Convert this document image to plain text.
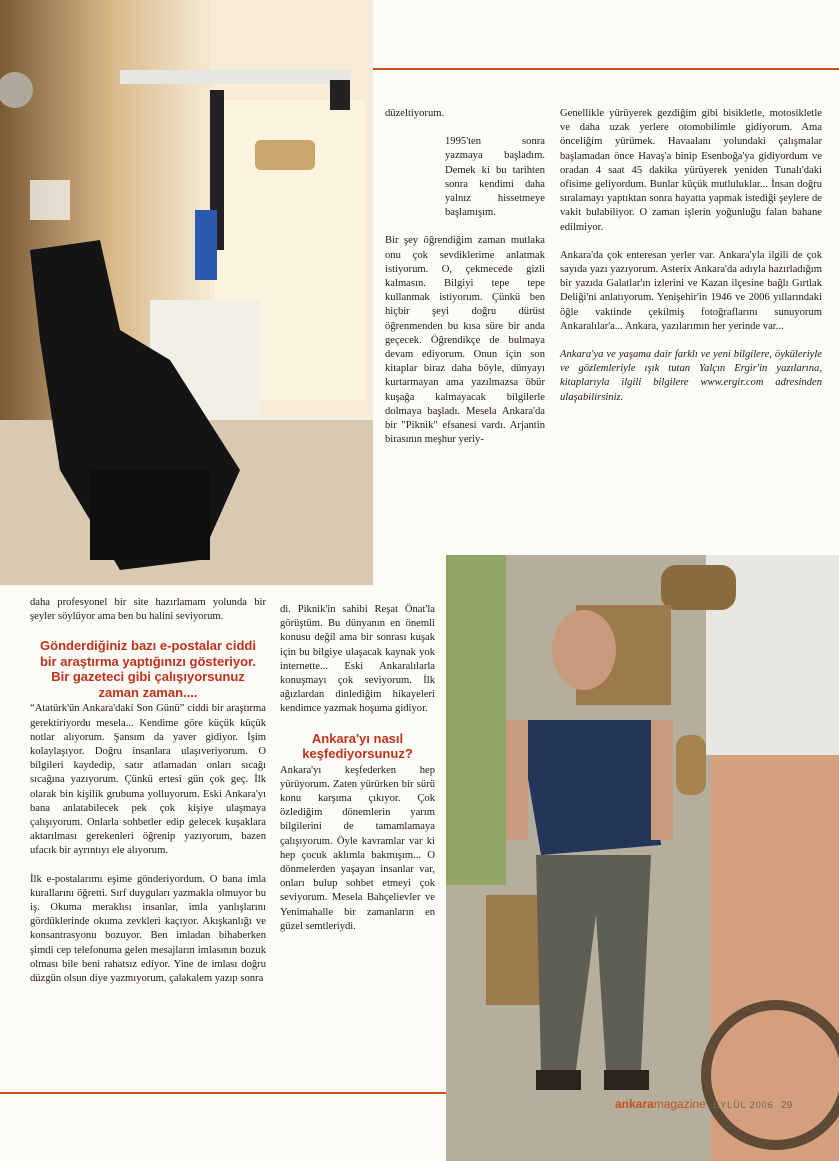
düzeltiyorum.

1995'ten sonra yazmaya başladım. Demek ki bu tarihten sonra kendimi daha yalnız hissetmeye başlamışım.

Bir şey öğrendiğim zaman mutlaka onu çok sevdiklerime anlatmak istiyorum. O, çekmecede gizli kalmasın. Bilgiyi tepe tepe kullanmak istiyorum. Çünkü ben hiçbir şeyi doğru dürüst öğrenmenden bu kısa süre bir anda geçecek. Öğrendikçe de bulmaya devam ediyorum. Onun için son kitaplar biraz daha böyle, dünyayı kurtarmayan ama yazılmazsa öbür kuşağa kalmayacak bilgilerle dolmaya başladı. Mesela Ankara'da bir "Piknik" efsanesi vardı. Arjantin birasının meşhur yeriy-

Genellikle yürüyerek gezdiğim gibi bisikletle, motosikletle ve daha uzak yerlere otomobilimle gidiyorum. Ama önceliğim yürümek. Havaalanı yolundaki çalışmalar başlamadan önce Havaş'a binip Esenboğa'ya gidiyordum ve oradan 4 saat 45 dakika yürüyerek yeniden Tunalı'daki ofisime geliyordum. Bunlar küçük mutluluklar... İnsan doğru sıralamayı yaptıktan sonra hayatta yapmak istediği şeylere de vakit bulabiliyor. O zaman işlerin yoğunluğu falan bahane edilmiyor.

Ankara'da çok enteresan yerler var. Ankara'yla ilgili de çok sayıda yazı yazıyorum. Asterix Ankara'da adıyla hazırladığım bir yazıda Galatlar'ın izlerini ve Kazan ilçesine bağlı Gırtlak Deliği'ni anlatıyorum. Yenişehir'in 1946 ve 2006 yıllarındaki öğle vaktinde çekilmiş fotoğraflarını sunuyorum Ankaralılar'a... Ankara, yazılarımın her yerinde var...

Ankara'ya ve yaşama dair farklı ve yeni bilgilere, öyküleriyle ve gözlemleriyle ışık tutan Yalçın Ergir'in yazılarına, kitaplarıyla ilgili bilgilere www.ergir.com adresinden ulaşabilirsiniz.

daha profesyonel bir site hazırlamam yolunda bir şeyler söylüyor ama ben bu halini seviyorum.

Gönderdiğiniz bazı e-postalar ciddi bir araştırma yaptığınızı gösteriyor. Bir gazeteci gibi çalışıyorsunuz zaman zaman....

“Atatürk'ün Ankara'daki Son Günü” ciddi bir araştırma gerektiriyordu mesela... Kendime göre küçük küçük notlar alıyorum. Şansım da yaver gidiyor. İşim kolaylaşıyor. Doğru insanlara ulaşıveriyorum. O bilgileri kaydedip, satır atlamadan onları sıcağı sıcağına yazıyorum. Çünkü ertesi gün çok geç. İlk olarak bin kişilik grubuma yolluyorum. Eski Ankara'yı bana anlatabilecek pek çok kişiye ulaşmaya çalışıyorum. Onlarla sohbetler edip gelecek kuşaklara aktarılması gerekenleri öğrenip yazıyorum, bazen ufacık bir ayrıntıyı ele alıyorum.

İlk e-postalarımı eşime gönderiyordum. O bana imla kurallarını öğretti. Sırf duyguları yazmakla olmuyor bu iş. Okuma meraklısı insanlar, imla yanlışlarını gördüklerinde okuma zevkleri kaçıyor. Akışkanlığı ve konsantrasyonu bozuyor. Ben imladan bihaberken şimdi cep telefonuma gelen mesajların imlasının bozuk olması bile beni rahatsız ediyor. Yine de imlası doğru düzgün olsun diye yazmıyorum, çalakalem yazıp sonra

di. Piknik'in sahibi Reşat Önat'la görüştüm. Bu dünyanın en önemli konusu değil ama bir sonrası kuşak için bu bilgiye ulaşacak kaynak yok internette... Eski Ankaralılarla konuşmayı çok seviyorum. İlk ağızlardan dinlediğim hikayeleri kendimce yazmak hoşuma gidiyor.

Ankara'yı nasıl keşfediyorsunuz?

Ankara'yı keşfederken hep yürüyorum. Zaten yürürken bir sürü konu karşıma çıkıyor. Çok özlediğim dönemlerin yarım bilgilerini de tamamlamaya çalışıyorum. Öyle kavramlar var ki hep çocuk aklımla bakmışım... O dönmelerden yaşayan insanlar var, onları bulup sohbet etmeyi çok seviyorum. Mesela Bahçelievler ve Yenimahalle bir zamanların en güzel semtleriydi.

ankaramagazine EYLÜL 2006 29
